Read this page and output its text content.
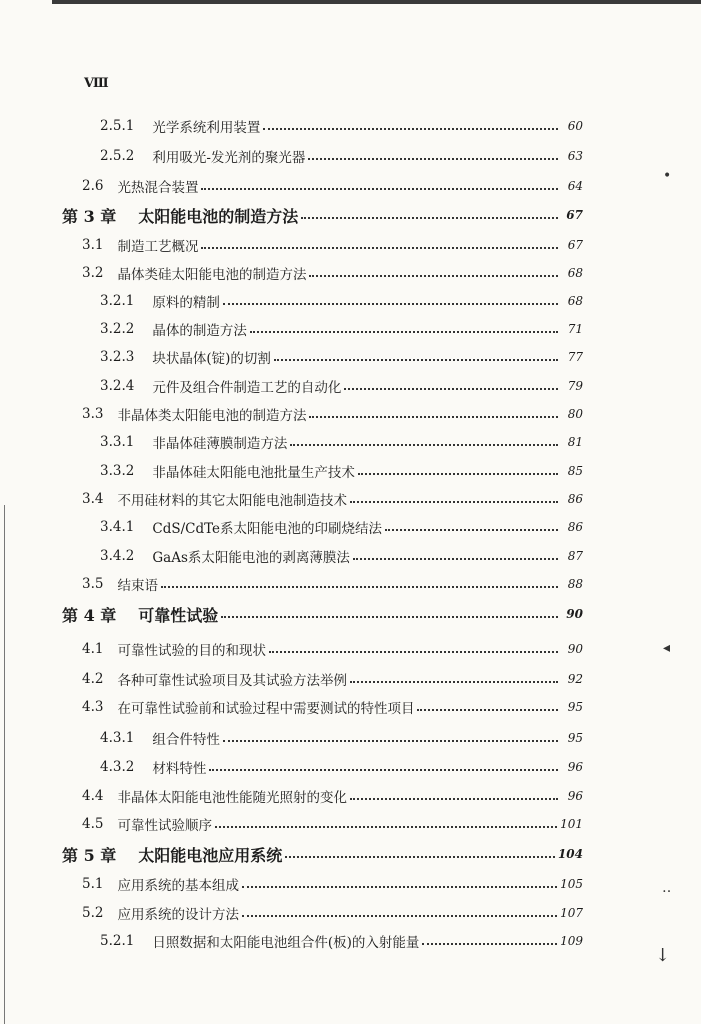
Ⅷ
2.5.1 光学系统利用装置	60
2.5.2 利用吸光-发光剂的聚光器	63
2.6 光热混合装置	64
第 3 章 太阳能电池的制造方法	67
3.1 制造工艺概况	67
3.2 晶体类硅太阳能电池的制造方法	68
3.2.1 原料的精制	68
3.2.2 晶体的制造方法	71
3.2.3 块状晶体(锭)的切割	77
3.2.4 元件及组合件制造工艺的自动化	79
3.3 非晶体类太阳能电池的制造方法	80
3.3.1 非晶体硅薄膜制造方法	81
3.3.2 非晶体硅太阳能电池批量生产技术	85
3.4 不用硅材料的其它太阳能电池制造技术	86
3.4.1 CdS/CdTe系太阳能电池的印刷烧结法	86
3.4.2 GaAs系太阳能电池的剥离薄膜法	87
3.5 结束语	88
第 4 章 可靠性试验	90
4.1 可靠性试验的目的和现状	90
4.2 各种可靠性试验项目及其试验方法举例	92
4.3 在可靠性试验前和试验过程中需要测试的特性项目	95
4.3.1 组合件特性	95
4.3.2 材料特性	96
4.4 非晶体太阳能电池性能随光照射的变化	96
4.5 可靠性试验顺序	101
第 5 章 太阳能电池应用系统	104
5.1 应用系统的基本组成	105
5.2 应用系统的设计方法	107
5.2.1 日照数据和太阳能电池组合件(板)的入射能量	109
•
◂
‥
↓
